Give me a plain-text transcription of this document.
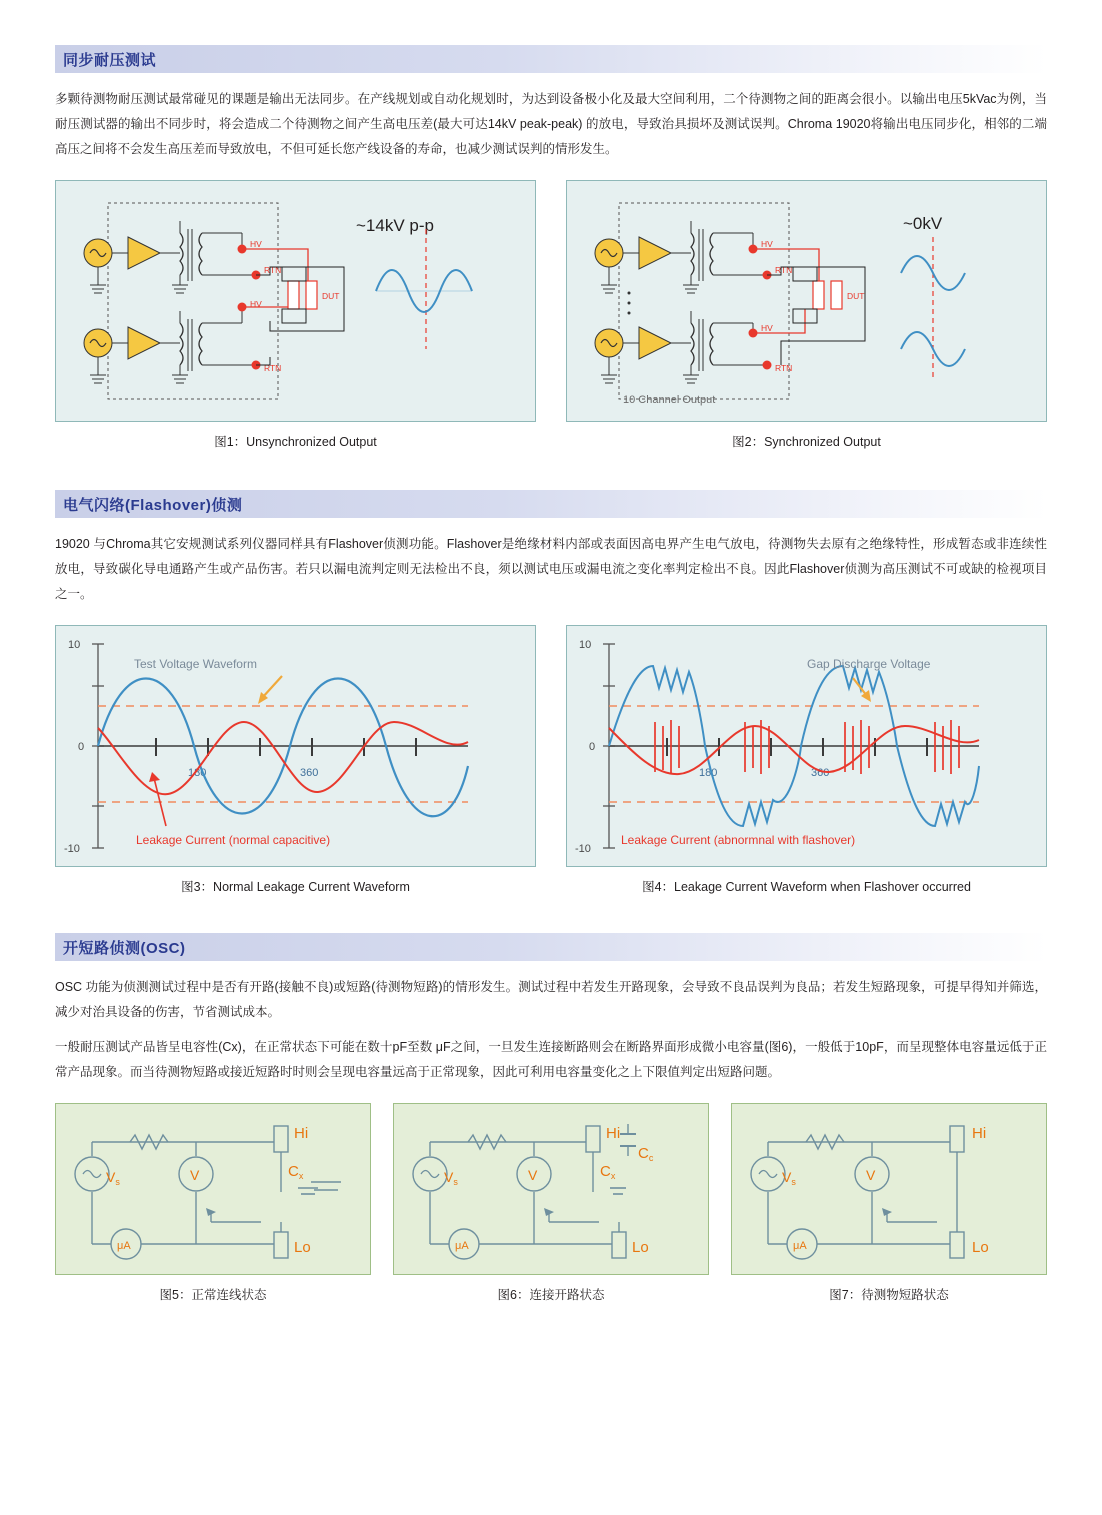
同步耐压测试

多颗待测物耐压测试最常碰见的课题是输出无法同步。在产线规划或自动化规划时，为达到设备极小化及最大空间利用，二个待测物之间的距离会很小。以输出电压5kVac为例，当耐压测试器的输出不同步时，将会造成二个待测物之间产生高电压差(最大可达14kV peak-peak) 的放电，导致治具损坏及测试误判。Chroma 19020将输出电压同步化，相邻的二端高压之间将不会发生高压差而导致放电，不但可延长您产线设备的寿命，也减少测试误判的情形发生。

HV
RTN
HV
RTN
DUT
~14kV p-p
图1：Unsynchronized Output
HV
RTN
HV
RTN
DUT
10 Channel Output
~0kV
图2：Synchronized Output
电气闪络(Flashover)侦测

19020 与Chroma其它安规测试系列仪器同样具有Flashover侦测功能。Flashover是绝缘材料内部或表面因高电界产生电气放电，待测物失去原有之绝缘特性，形成暂态或非连续性放电，导致碳化导电通路产生或产品伤害。若只以漏电流判定则无法检出不良，须以测试电压或漏电流之变化率判定检出不良。因此Flashover侦测为高压测试不可或缺的检视项目之一。

10
0
-10
180	360
Test Voltage Waveform
Leakage Current (normal capacitive)
图3：Normal Leakage Current Waveform
10
0
-10
180	360
Gap Discharge Voltage
Leakage Current (abnormnal with flashover)
图4：Leakage Current Waveform when Flashover occurred
开短路侦测(OSC)

OSC 功能为侦测测试过程中是否有开路(接触不良)或短路(待测物短路)的情形发生。测试过程中若发生开路现象，会导致不良品误判为良品；若发生短路现象，可提早得知并筛选，减少对治具设备的伤害，节省测试成本。

一般耐压测试产品皆呈电容性(Cx)，在正常状态下可能在数十pF至数 μF之间，一旦发生连接断路则会在断路界面形成微小电容量(图6)，一般低于10pF，而呈现整体电容量远低于正常产品现象。而当待测物短路或接近短路时时则会呈现电容量远高于正常现象，因此可利用电容量变化之上下限值判定出短路问题。

$V_s$	V
μA
Hi
Lo
$C_x$
图5：正常连线状态
$V_s$	V
μA
Hi
Lo
$C_x$
$C_c$
图6：连接开路状态
$V_s$	V
μA
Hi
Lo
图7：待测物短路状态
